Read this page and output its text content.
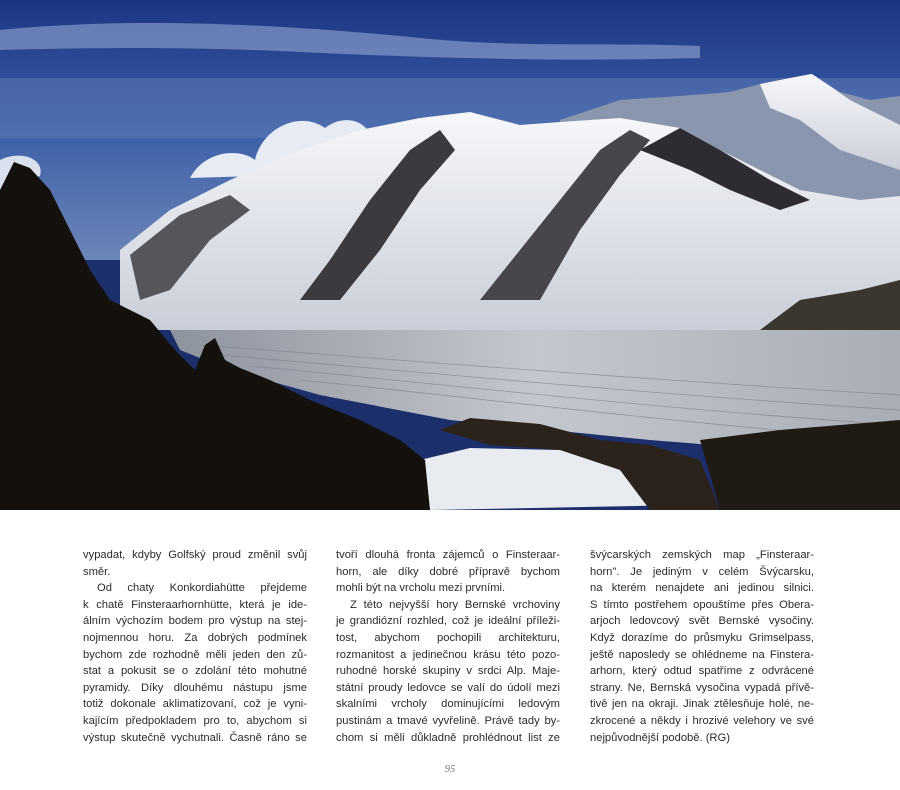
vypadat, kdyby Golfský proud změnil svůj
směr.
Od chaty Konkordiahütte přejdeme
k chatě Finsteraarhornhütte, která je ide-
álním výchozím bodem pro výstup na stej-
nojmennou horu. Za dobrých podmínek
bychom zde rozhodně měli jeden den zů-
stat a pokusit se o zdolání této mohutné
pyramidy. Díky dlouhému nástupu jsme
totiž dokonale aklimatizovaní, což je vyni-
kajícím předpokladem pro to, abychom si
výstup skutečně vychutnali. Časně ráno se
tvoří dlouhá fronta zájemců o Finsteraar-
horn, ale díky dobré přípravě bychom
mohli být na vrcholu mezi prvními.
Z této nejvyšší hory Bernské vrchoviny
je grandiózní rozhled, což je ideální příleži-
tost, abychom pochopili architekturu,
rozmanitost a jedinečnou krásu této pozo-
ruhodné horské skupiny v srdci Alp. Maje-
státní proudy ledovce se valí do údolí mezi
skalními vrcholy dominujícími ledovým
pustinám a tmavé vyvřelině. Právě tady by-
chom si měli důkladně prohlédnout list ze
švýcarských zemských map „Finsteraar-
horn". Je jediným v celém Švýcarsku,
na kterém nenajdete ani jedinou silnici.
S tímto postřehem opouštíme přes Obera-
arjoch ledovcový svět Bernské vysočiny.
Když dorazíme do průsmyku Grimselpass,
ještě naposledy se ohlédneme na Finstera-
arhorn, který odtud spatříme z odvrácené
strany. Ne, Bernská vysočina vypadá přívě-
tivě jen na okraji. Jinak ztělesňuje holé, ne-
zkrocené a někdy i hrozivé velehory ve své
nejpůvodnější podobě. (RG)
95
